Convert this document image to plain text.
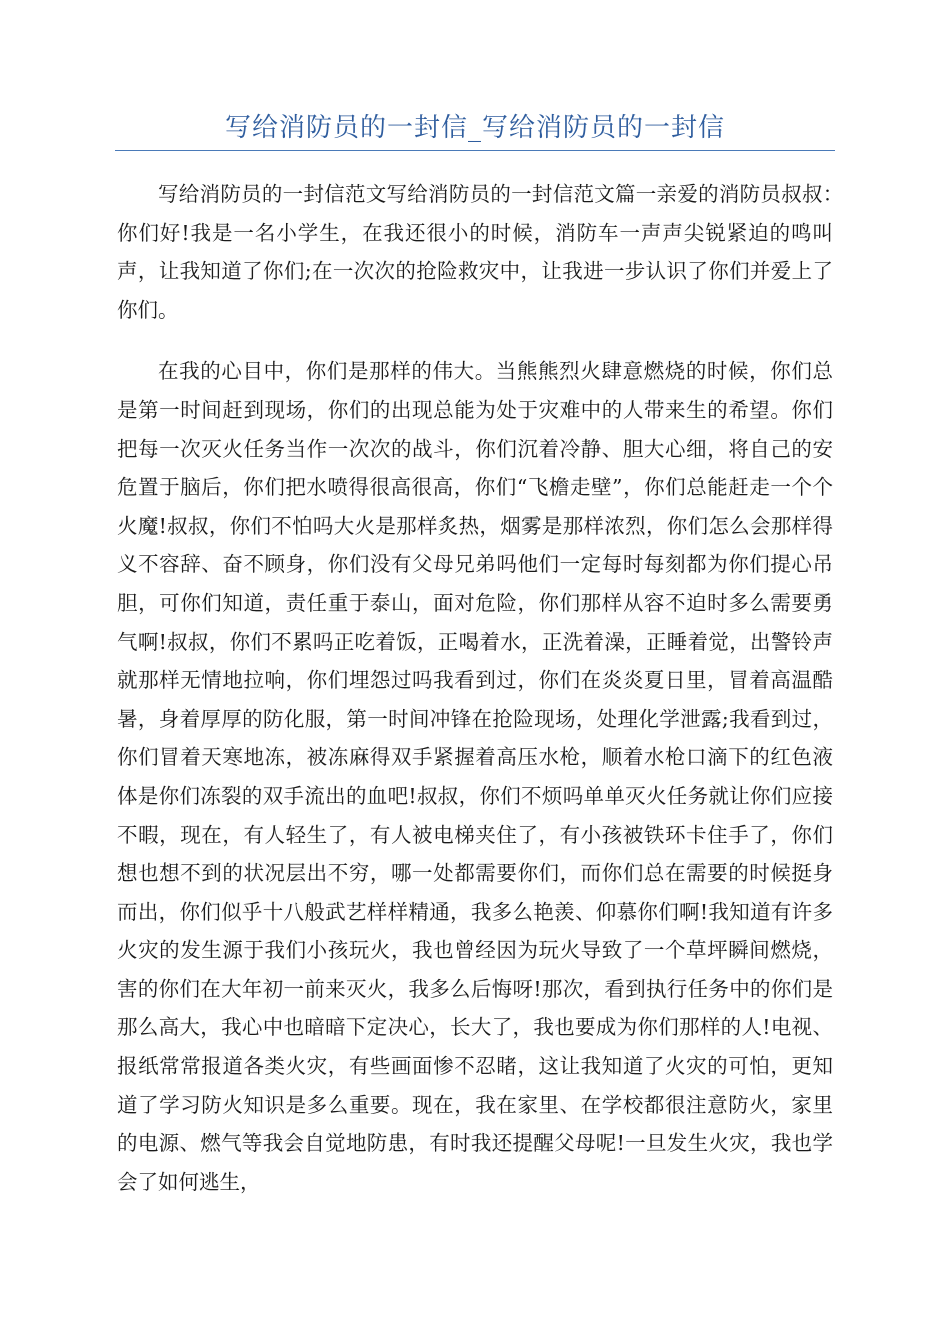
写给消防员的一封信_写给消防员的一封信

写给消防员的一封信范文写给消防员的一封信范文篇一亲爱的消防员叔叔：　　你们好!我是一名小学生，在我还很小的时候，消防车一声声尖锐紧迫的鸣叫声，让我知道了你们;在一次次的抢险救灾中，让我进一步认识了你们并爱上了你们。

在我的心目中，你们是那样的伟大。当熊熊烈火肆意燃烧的时候，你们总是第一时间赶到现场，你们的出现总能为处于灾难中的人带来生的希望。你们把每一次灭火任务当作一次次的战斗，你们沉着冷静、胆大心细，将自己的安危置于脑后，你们把水喷得很高很高，你们“飞檐走壁”，你们总能赶走一个个火魔!叔叔，你们不怕吗大火是那样炙热，烟雾是那样浓烈，你们怎么会那样得义不容辞、奋不顾身，你们没有父母兄弟吗他们一定每时每刻都为你们提心吊胆，可你们知道，责任重于泰山，面对危险，你们那样从容不迫时多么需要勇气啊!叔叔，你们不累吗正吃着饭，正喝着水，正洗着澡，正睡着觉，出警铃声就那样无情地拉响，你们埋怨过吗我看到过，你们在炎炎夏日里，冒着高温酷暑，身着厚厚的防化服，第一时间冲锋在抢险现场，处理化学泄露;我看到过，你们冒着天寒地冻，被冻麻得双手紧握着高压水枪，顺着水枪口滴下的红色液体是你们冻裂的双手流出的血吧!叔叔，你们不烦吗单单灭火任务就让你们应接不暇，现在，有人轻生了，有人被电梯夹住了，有小孩被铁环卡住手了，你们想也想不到的状况层出不穷，哪一处都需要你们，而你们总在需要的时候挺身而出，你们似乎十八般武艺样样精通，我多么艳羡、仰慕你们啊!我知道有许多火灾的发生源于我们小孩玩火，我也曾经因为玩火导致了一个草坪瞬间燃烧，害的你们在大年初一前来灭火，我多么后悔呀!那次，看到执行任务中的你们是那么高大，我心中也暗暗下定决心，长大了，我也要成为你们那样的人!电视、报纸常常报道各类火灾，有些画面惨不忍睹，这让我知道了火灾的可怕，更知道了学习防火知识是多么重要。现在，我在家里、在学校都很注意防火，家里的电源、燃气等我会自觉地防患，有时我还提醒父母呢!一旦发生火灾，我也学会了如何逃生，
